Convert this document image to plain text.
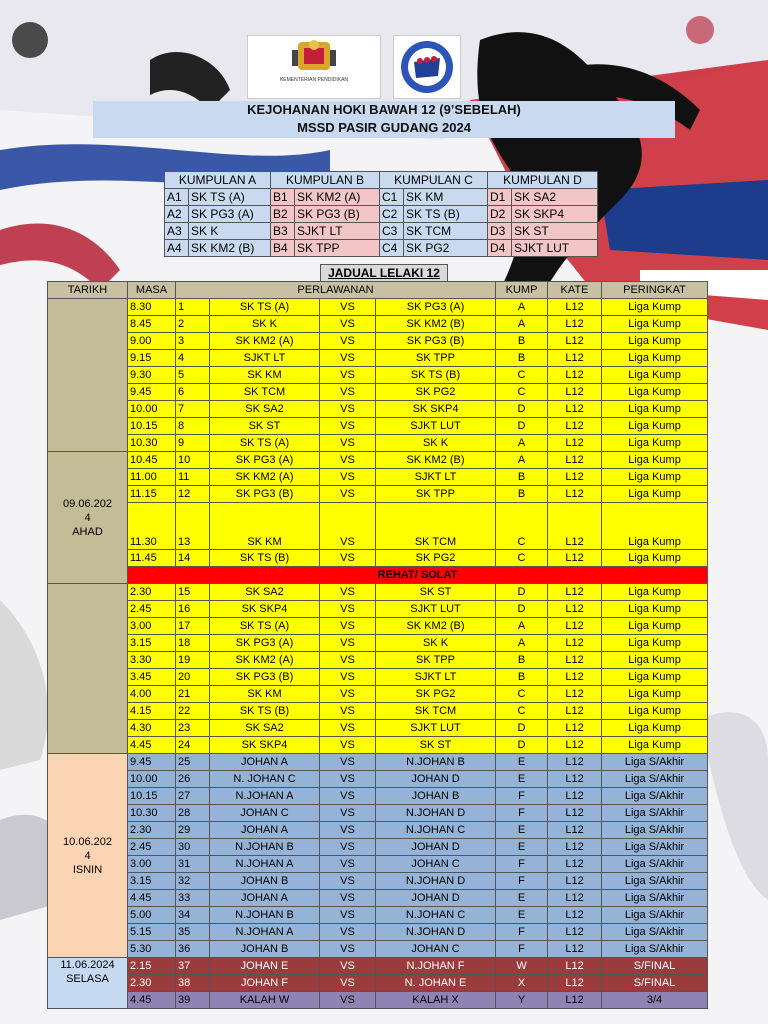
KEMENTERIAN PENDIDIKAN
KEJOHANAN HOKI BAWAH 12 (9’SEBELAH)
MSSD PASIR GUDANG 2024
KUMPULAN A		KUMPULAN B		KUMPULAN C		KUMPULAN D	
A1	SK TS (A)	B1	SK KM2 (A)	C1	SK KM	D1	SK SA2
A2	SK PG3 (A)	B2	SK PG3 (B)	C2	SK TS (B)	D2	SK SKP4
A3	SK K	B3	SJKT LT	C3	SK TCM	D3	SK ST
A4	SK KM2 (B)	B4	SK TPP	C4	SK PG2	D4	SJKT LUT
JADUAL LELAKI 12
TARIKH	MASA	PERLAWANAN				KUMP	KATE	PERINGKAT
	8.30	1	SK TS (A)	VS	SK PG3 (A)	A	L12	Liga Kump
	8.45	2	SK K	VS	SK KM2 (B)	A	L12	Liga Kump
	9.00	3	SK KM2 (A)	VS	SK PG3 (B)	B	L12	Liga Kump
	9.15	4	SJKT LT	VS	SK TPP	B	L12	Liga Kump
	9.30	5	SK KM	VS	SK TS (B)	C	L12	Liga Kump
	9.45	6	SK TCM	VS	SK PG2	C	L12	Liga Kump
	10.00	7	SK SA2	VS	SK SKP4	D	L12	Liga Kump
	10.15	8	SK ST	VS	SJKT LUT	D	L12	Liga Kump
	10.30	9	SK TS (A)	VS	SK K	A	L12	Liga Kump

09.06.202
4
AHAD	10.45	10	SK PG3 (A)	VS	SK KM2 (B)	A	L12	Liga Kump
	11.00	11	SK KM2 (A)	VS	SJKT LT	B	L12	Liga Kump
	11.15	12	SK PG3 (B)	VS	SK TPP	B	L12	Liga Kump
	11.30	13	SK KM	VS	SK TCM	C	L12	Liga Kump
	11.45	14	SK TS (B)	VS	SK PG2	C	L12	Liga Kump
	REHAT/ SOLAT							
	2.30	15	SK SA2	VS	SK ST	D	L12	Liga Kump
	2.45	16	SK SKP4	VS	SJKT LUT	D	L12	Liga Kump
	3.00	17	SK TS (A)	VS	SK KM2 (B)	A	L12	Liga Kump
	3.15	18	SK PG3 (A)	VS	SK K	A	L12	Liga Kump
	3.30	19	SK KM2 (A)	VS	SK TPP	B	L12	Liga Kump
	3.45	20	SK PG3 (B)	VS	SJKT LT	B	L12	Liga Kump
	4.00	21	SK KM	VS	SK PG2	C	L12	Liga Kump
	4.15	22	SK TS (B)	VS	SK TCM	C	L12	Liga Kump
	4.30	23	SK SA2	VS	SJKT LUT	D	L12	Liga Kump
	4.45	24	SK SKP4	VS	SK ST	D	L12	Liga Kump

10.06.202
4
ISNIN	9.45	25	JOHAN A	VS	N.JOHAN B	E	L12	Liga S/Akhir
	10.00	26	N. JOHAN C	VS	JOHAN D	E	L12	Liga S/Akhir
	10.15	27	N.JOHAN A	VS	JOHAN B	F	L12	Liga S/Akhir
	10.30	28	JOHAN C	VS	N.JOHAN D	F	L12	Liga S/Akhir
	2.30	29	JOHAN A	VS	N.JOHAN C	E	L12	Liga S/Akhir
	2.45	30	N.JOHAN B	VS	JOHAN D	E	L12	Liga S/Akhir
	3.00	31	N.JOHAN A	VS	JOHAN C	F	L12	Liga S/Akhir
	3.15	32	JOHAN B	VS	N.JOHAN D	F	L12	Liga S/Akhir
	4.45	33	JOHAN A	VS	JOHAN D	E	L12	Liga S/Akhir
	5.00	34	N.JOHAN B	VS	N.JOHAN C	E	L12	Liga S/Akhir
	5.15	35	N.JOHAN A	VS	N.JOHAN D	F	L12	Liga S/Akhir
	5.30	36	JOHAN B	VS	JOHAN C	F	L12	Liga S/Akhir

11.06.2024
SELASA	2.15	37	JOHAN E	VS	N.JOHAN F	W	L12	S/FINAL
	2.30	38	JOHAN F	VS	N. JOHAN E	X	L12	S/FINAL
	4.45	39	KALAH W	VS	KALAH X	Y	L12	3/4
